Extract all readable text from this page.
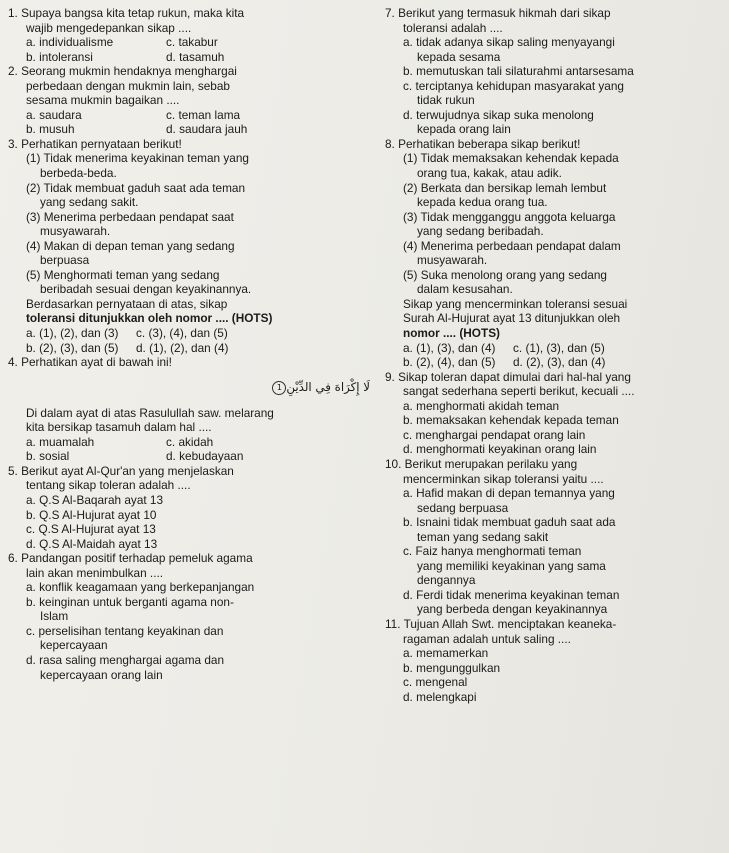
1. Supaya bangsa kita tetap rukun, maka kita
wajib mengedepankan sikap ....
a. individualisme	c. takabur
b. intoleransi	d. tasamuh
2. Seorang mukmin hendaknya menghargai
perbedaan dengan mukmin lain, sebab
sesama mukmin bagaikan ....
a. saudara	c. teman lama
b. musuh	d. saudara jauh
3. Perhatikan pernyataan berikut!
(1) Tidak menerima keyakinan teman yang
berbeda-beda.
(2) Tidak membuat gaduh saat ada teman
yang sedang sakit.
(3) Menerima perbedaan pendapat saat
musyawarah.
(4) Makan di depan teman yang sedang
berpuasa
(5) Menghormati teman yang sedang
beribadah sesuai dengan keyakinannya.
Berdasarkan pernyataan di atas, sikap
toleransi ditunjukkan oleh nomor .... (HOTS)
a. (1), (2), dan (3)	c. (3), (4), dan (5)
b. (2), (3), dan (5)	d. (1), (2), dan (4)
4. Perhatikan ayat di bawah ini!
لَا إِكْرَاهَ فِي الدِّيْنِ
1
Di dalam ayat di atas Rasulullah saw. melarang
kita bersikap tasamuh dalam hal ....
a. muamalah	c. akidah
b. sosial	d. kebudayaan
5. Berikut ayat Al-Qur'an yang menjelaskan
tentang sikap toleran adalah ....
a. Q.S Al-Baqarah ayat 13
b. Q.S Al-Hujurat ayat 10
c. Q.S Al-Hujurat ayat 13
d. Q.S Al-Maidah ayat 13
6. Pandangan positif terhadap pemeluk agama
lain akan menimbulkan ....
a. konflik keagamaan yang berkepanjangan
b. keinginan untuk berganti agama non-
Islam
c. perselisihan tentang keyakinan dan
kepercayaan
d. rasa saling menghargai agama dan
kepercayaan orang lain
7. Berikut yang termasuk hikmah dari sikap
toleransi adalah ....
a. tidak adanya sikap saling menyayangi
kepada sesama
b. memutuskan tali silaturahmi antarsesama
c. terciptanya kehidupan masyarakat yang
tidak rukun
d. terwujudnya sikap suka menolong
kepada orang lain
8. Perhatikan beberapa sikap berikut!
(1) Tidak memaksakan kehendak kepada
orang tua, kakak, atau adik.
(2) Berkata dan bersikap lemah lembut
kepada kedua orang tua.
(3) Tidak mengganggu anggota keluarga
yang sedang beribadah.
(4) Menerima perbedaan pendapat dalam
musyawarah.
(5) Suka menolong orang yang sedang
dalam kesusahan.
Sikap yang mencerminkan toleransi sesuai
Surah Al-Hujurat ayat 13 ditunjukkan oleh
nomor .... (HOTS)
a. (1), (3), dan (4)	c. (1), (3), dan (5)
b. (2), (4), dan (5)	d. (2), (3), dan (4)
9. Sikap toleran dapat dimulai dari hal-hal yang
sangat sederhana seperti berikut, kecuali ....
a. menghormati akidah teman
b. memaksakan kehendak kepada teman
c. menghargai pendapat orang lain
d. menghormati keyakinan orang lain
10. Berikut merupakan perilaku yang
mencerminkan sikap toleransi yaitu ....
a. Hafid makan di depan temannya yang
sedang berpuasa
b. Isnaini tidak membuat gaduh saat ada
teman yang sedang sakit
c. Faiz hanya menghormati teman
yang memiliki keyakinan yang sama
dengannya
d. Ferdi tidak menerima keyakinan teman
yang berbeda dengan keyakinannya
11. Tujuan Allah Swt. menciptakan keaneka-
ragaman adalah untuk saling ....
a. memamerkan
b. mengunggulkan
c. mengenal
d. melengkapi
